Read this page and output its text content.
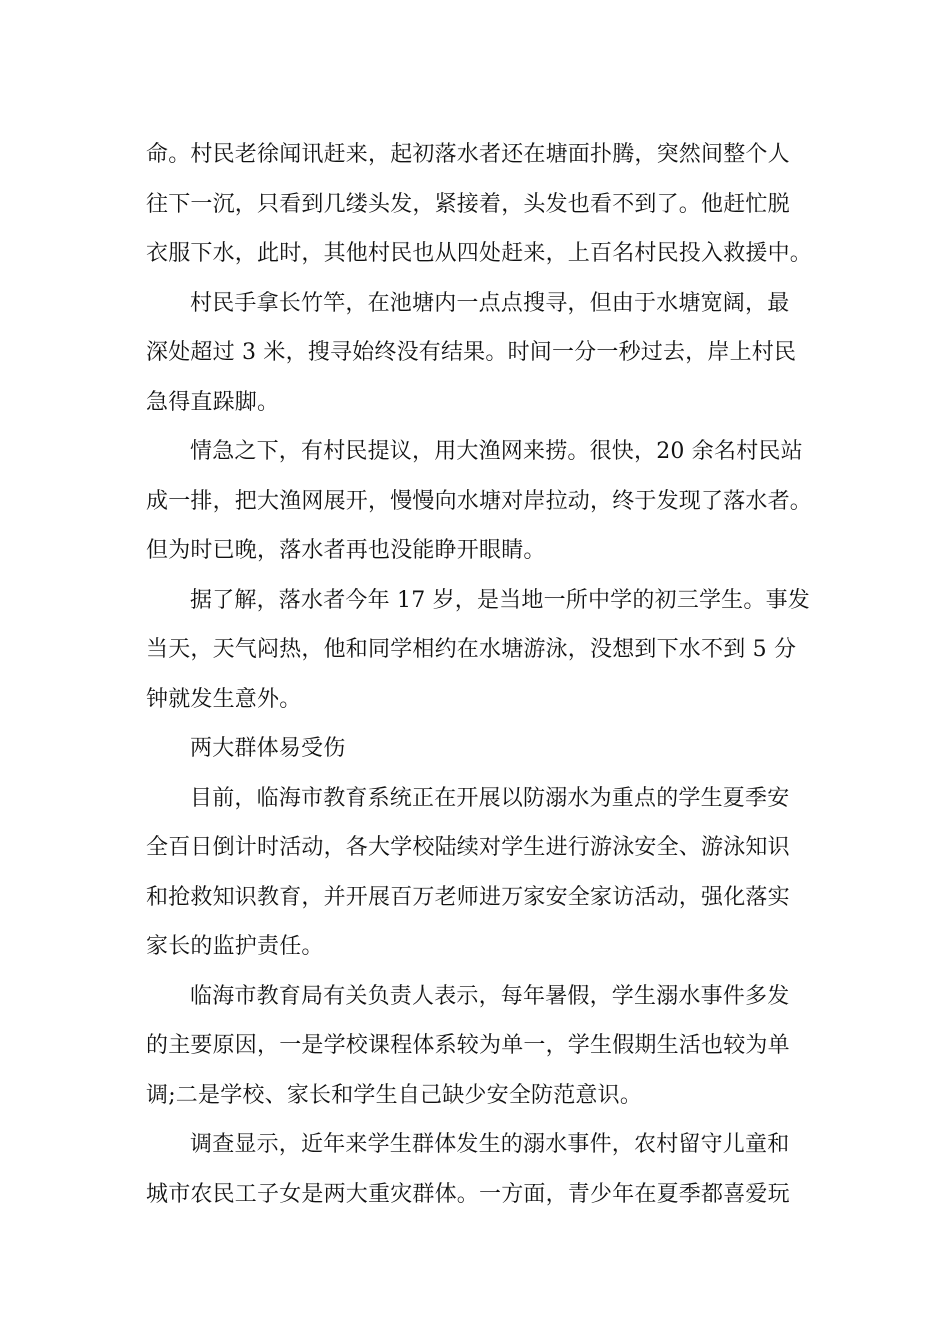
命。村民老徐闻讯赶来，起初落水者还在塘面扑腾，突然间整个人
往下一沉，只看到几缕头发，紧接着，头发也看不到了。他赶忙脱
衣服下水，此时，其他村民也从四处赶来，上百名村民投入救援中。
村民手拿长竹竿，在池塘内一点点搜寻，但由于水塘宽阔，最
深处超过 3 米，搜寻始终没有结果。时间一分一秒过去，岸上村民
急得直跺脚。
情急之下，有村民提议，用大渔网来捞。很快，20 余名村民站
成一排，把大渔网展开，慢慢向水塘对岸拉动，终于发现了落水者。
但为时已晚，落水者再也没能睁开眼睛。
据了解，落水者今年 17 岁，是当地一所中学的初三学生。事发
当天，天气闷热，他和同学相约在水塘游泳，没想到下水不到 5 分
钟就发生意外。
两大群体易受伤
目前，临海市教育系统正在开展以防溺水为重点的学生夏季安
全百日倒计时活动，各大学校陆续对学生进行游泳安全、游泳知识
和抢救知识教育，并开展百万老师进万家安全家访活动，强化落实
家长的监护责任。
临海市教育局有关负责人表示，每年暑假，学生溺水事件多发
的主要原因，一是学校课程体系较为单一，学生假期生活也较为单
调;二是学校、家长和学生自己缺少安全防范意识。
调查显示，近年来学生群体发生的溺水事件，农村留守儿童和
城市农民工子女是两大重灾群体。一方面，青少年在夏季都喜爱玩
